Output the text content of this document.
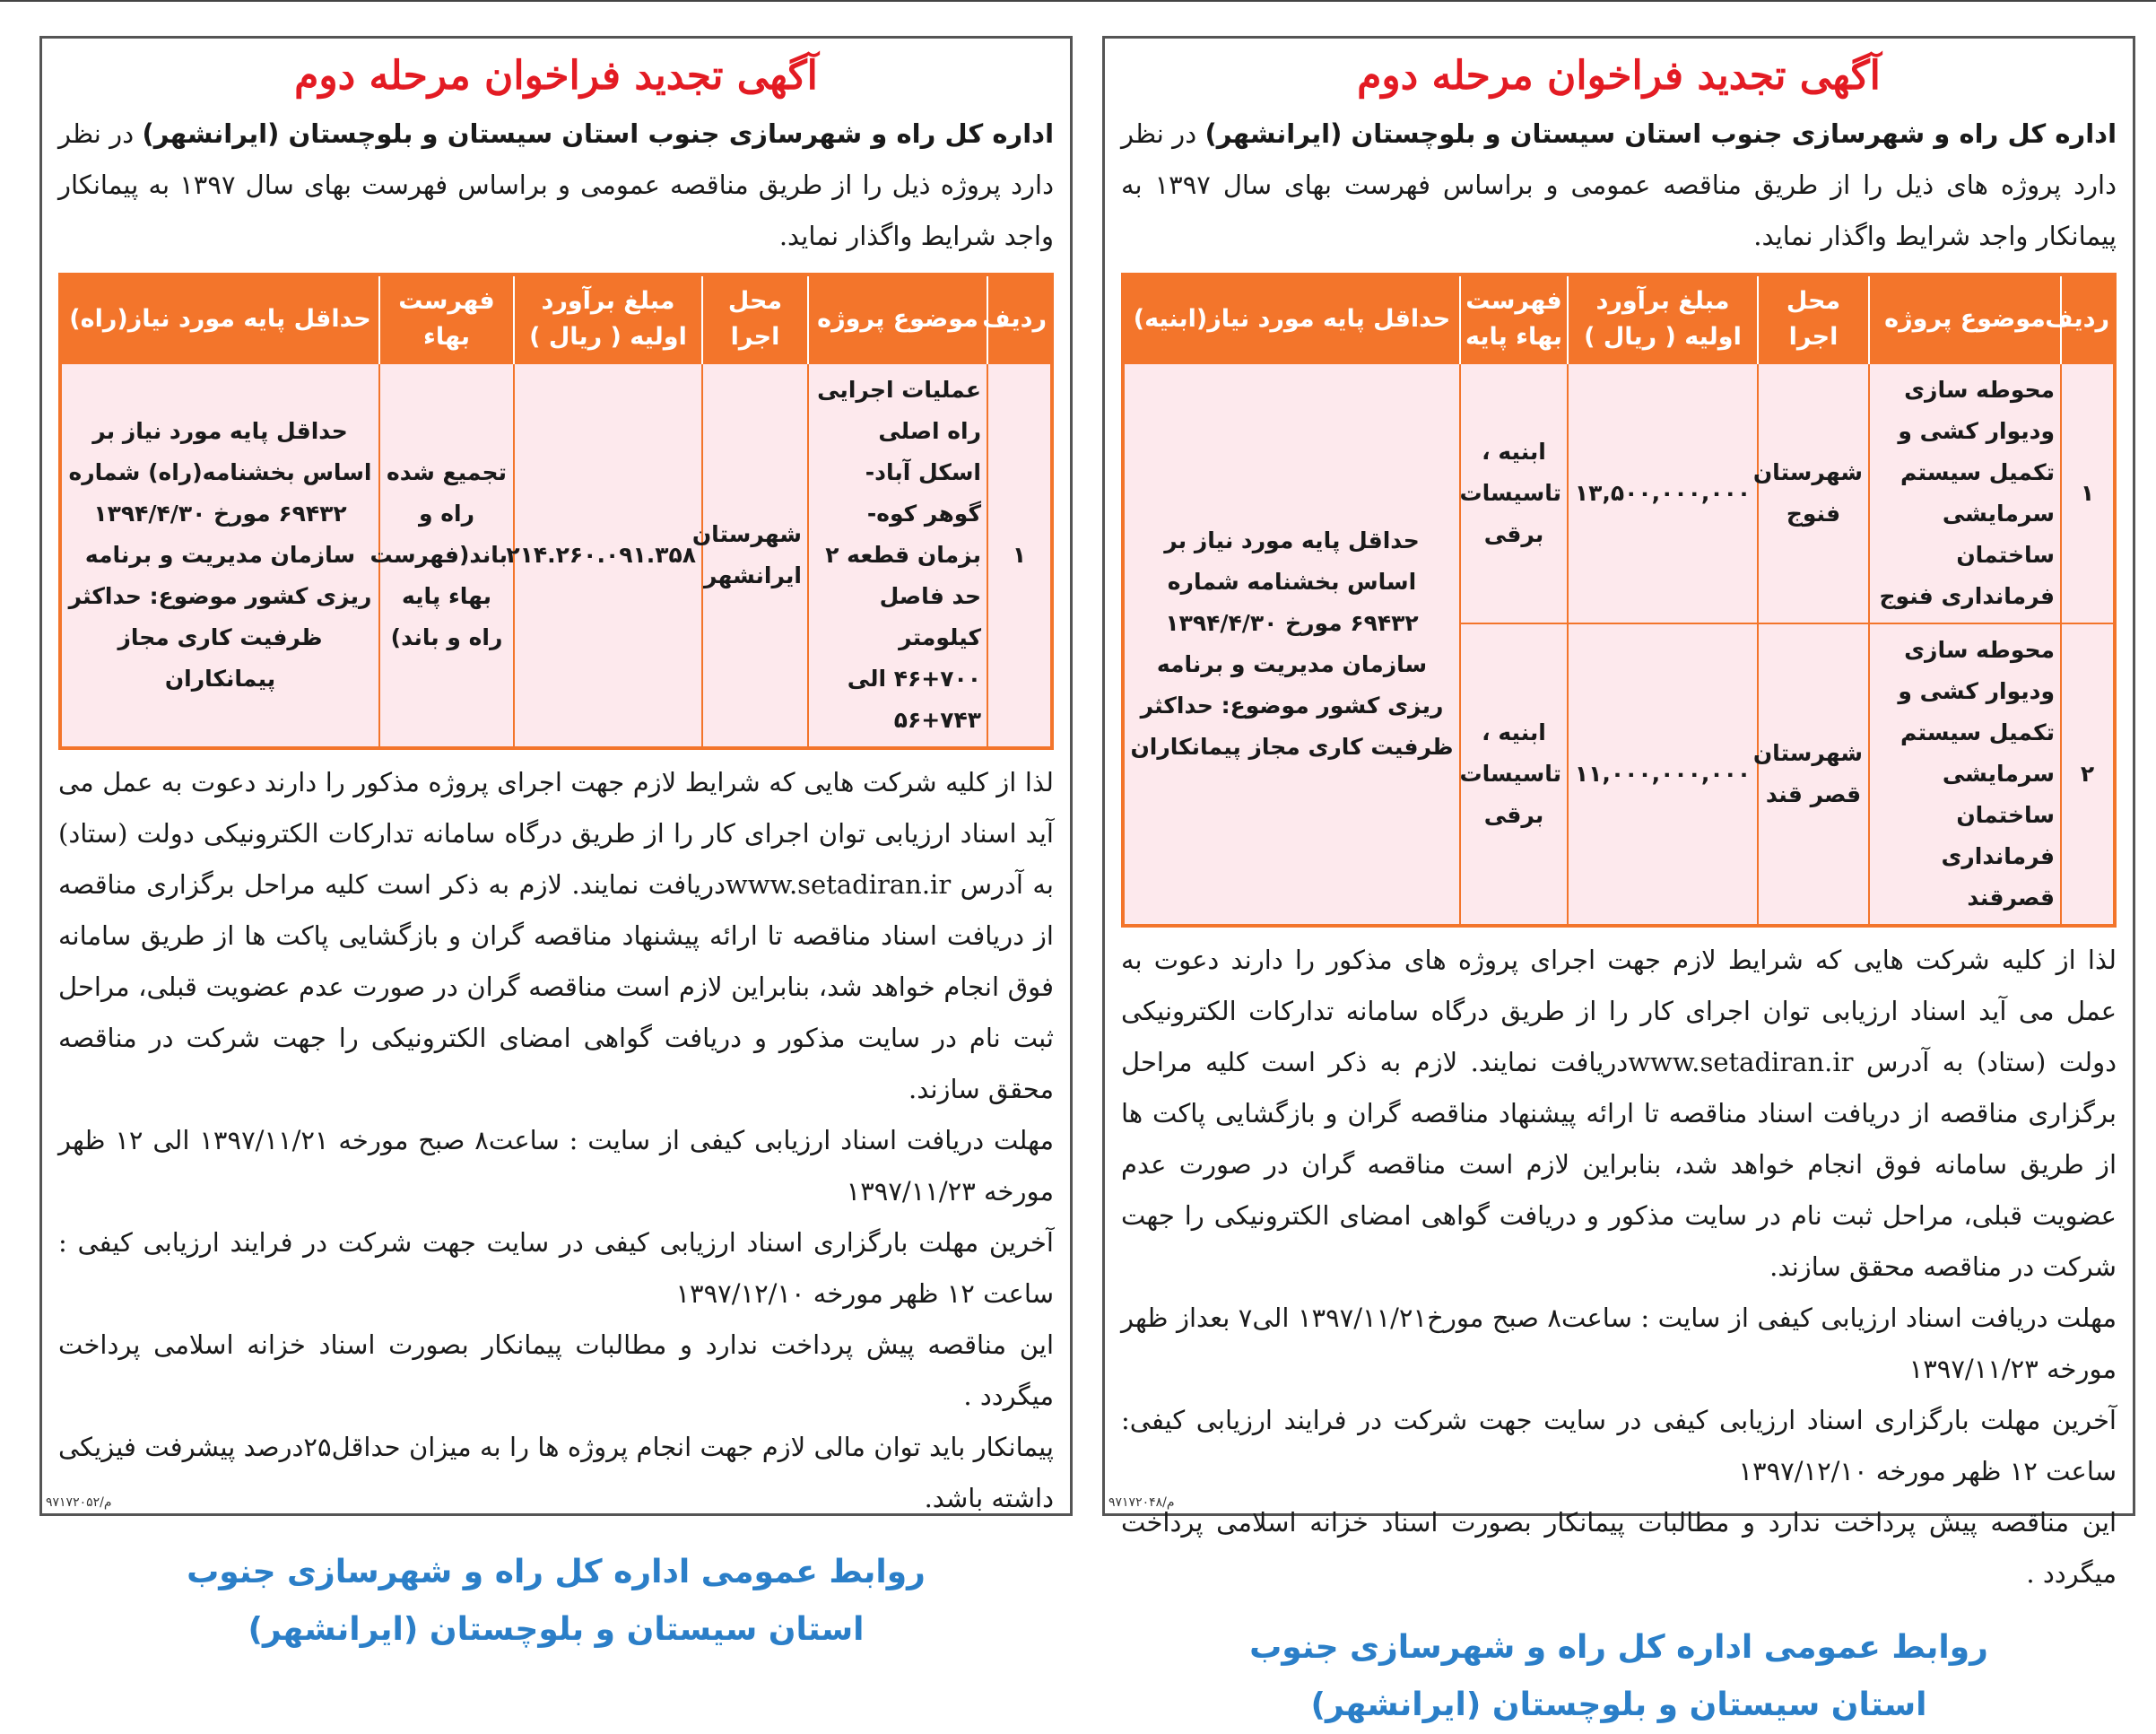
آگهی تجدید فراخوان مرحله دوم

اداره کل راه و شهرسازی جنوب استان سیستان و بلوچستان (ایرانشهر) در نظر دارد پروژه ذیل را از طریق مناقصه عمومی و براساس فهرست بهای سال ۱۳۹۷ به پیمانکار واجد شرایط واگذار نماید.

ردیف	موضوع پروژه	محل اجرا	مبلغ برآورد اولیه ( ریال )	فهرست بهاء	حداقل پایه مورد نیاز(راه)
۱	عملیات اجرایی راه اصلی اسکل آباد- گوهر کوه- بزمان قطعه ۲ حد فاصل کیلومتر ۷۰۰+۴۶ الی ۷۴۳+۵۶	شهرستان ایرانشهر	۲۱۴.۲۶۰.۰۹۱.۳۵۸	تجمیع شده راه و باند(فهرست بهاء پایه راه و باند)	حداقل پایه مورد نیاز بر اساس بخشنامه(راه) شماره ۶۹۴۳۲ مورخ ۱۳۹۴/۴/۳۰ سازمان مدیریت و برنامه ریزی کشور موضوع: حداکثر ظرفیت کاری مجاز پیمانکاران

لذا از کلیه شرکت هایی که شرایط لازم جهت اجرای پروژه مذکور را دارند دعوت به عمل می آید اسناد ارزیابی توان اجرای کار را از طریق درگاه سامانه تدارکات الکترونیکی دولت (ستاد) به آدرس www.setadiran.irدریافت نمایند. لازم به ذکر است کلیه مراحل برگزاری مناقصه از دریافت اسناد مناقصه تا ارائه پیشنهاد مناقصه گران و بازگشایی پاکت ها از طریق سامانه فوق انجام خواهد شد، بنابراین لازم است مناقصه گران در صورت عدم عضویت قبلی، مراحل ثبت نام در سایت مذکور و دریافت گواهی امضای الکترونیکی را جهت شرکت در مناقصه محقق سازند.

مهلت دریافت اسناد ارزیابی کیفی از سایت : ساعت۸ صبح مورخه ۱۳۹۷/۱۱/۲۱ الی ۱۲ ظهر مورخه ۱۳۹۷/۱۱/۲۳

آخرین مهلت بارگزاری اسناد ارزیابی کیفی در سایت جهت شرکت در فرایند ارزیابی کیفی : ساعت ۱۲ ظهر مورخه ۱۳۹۷/۱۲/۱۰

این مناقصه پیش پرداخت ندارد و مطالبات پیمانکار بصورت اسناد خزانه اسلامی پرداخت میگردد .

پیمانکار باید توان مالی لازم جهت انجام پروژه ها را به میزان حداقل۲۵درصد پیشرفت فیزیکی داشته باشد.

روابط عمومی اداره کل راه و شهرسازی جنوب
استان سیستان و بلوچستان (ایرانشهر)
۹۷۱۷۲۰۵۲/م
آگهی تجدید فراخوان مرحله دوم

اداره کل راه و شهرسازی جنوب استان سیستان و بلوچستان (ایرانشهر) در نظر دارد پروژه های ذیل را از طریق مناقصه عمومی و براساس فهرست بهای سال ۱۳۹۷ به پیمانکار واجد شرایط واگذار نماید.

ردیف	موضوع پروژه	محل اجرا	مبلغ برآورد اولیه ( ریال )	فهرست بهاء پایه	حداقل پایه مورد نیاز(ابنیه)
۱	محوطه سازی ودیوار کشی و تکمیل سیستم سرمایشی ساختمان فرمانداری فنوج	شهرستان فنوج	۱۳,۵۰۰,۰۰۰,۰۰۰	ابنیه ، تاسیسات برقی	حداقل پایه مورد نیاز بر اساس بخشنامه شماره ۶۹۴۳۲ مورخ ۱۳۹۴/۴/۳۰ سازمان مدیریت و برنامه ریزی کشور موضوع: حداکثر ظرفیت کاری مجاز پیمانکاران
۲	محوطه سازی ودیوار کشی و تکمیل سیستم سرمایشی ساختمان فرمانداری قصرقند	شهرستان قصر قند	۱۱,۰۰۰,۰۰۰,۰۰۰	ابنیه ، تاسیسات برقی	

لذا از کلیه شرکت هایی که شرایط لازم جهت اجرای پروژه های مذکور را دارند دعوت به عمل می آید اسناد ارزیابی توان اجرای کار را از طریق درگاه سامانه تدارکات الکترونیکی دولت (ستاد) به آدرس www.setadiran.irدریافت نمایند. لازم به ذکر است کلیه مراحل برگزاری مناقصه از دریافت اسناد مناقصه تا ارائه پیشنهاد مناقصه گران و بازگشایی پاکت ها از طریق سامانه فوق انجام خواهد شد، بنابراین لازم است مناقصه گران در صورت عدم عضویت قبلی، مراحل ثبت نام در سایت مذکور و دریافت گواهی امضای الکترونیکی را جهت شرکت در مناقصه محقق سازند.

مهلت دریافت اسناد ارزیابی کیفی از سایت : ساعت۸ صبح مورخ۱۳۹۷/۱۱/۲۱ الی۷ بعداز ظهر مورخه ۱۳۹۷/۱۱/۲۳

آخرین مهلت بارگزاری اسناد ارزیابی کیفی در سایت جهت شرکت در فرایند ارزیابی کیفی: ساعت ۱۲ ظهر مورخه ۱۳۹۷/۱۲/۱۰

این مناقصه پیش پرداخت ندارد و مطالبات پیمانکار بصورت اسناد خزانه اسلامی پرداخت میگردد .

روابط عمومی اداره کل راه و شهرسازی جنوب
استان سیستان و بلوچستان (ایرانشهر)
۹۷۱۷۲۰۴۸/م
